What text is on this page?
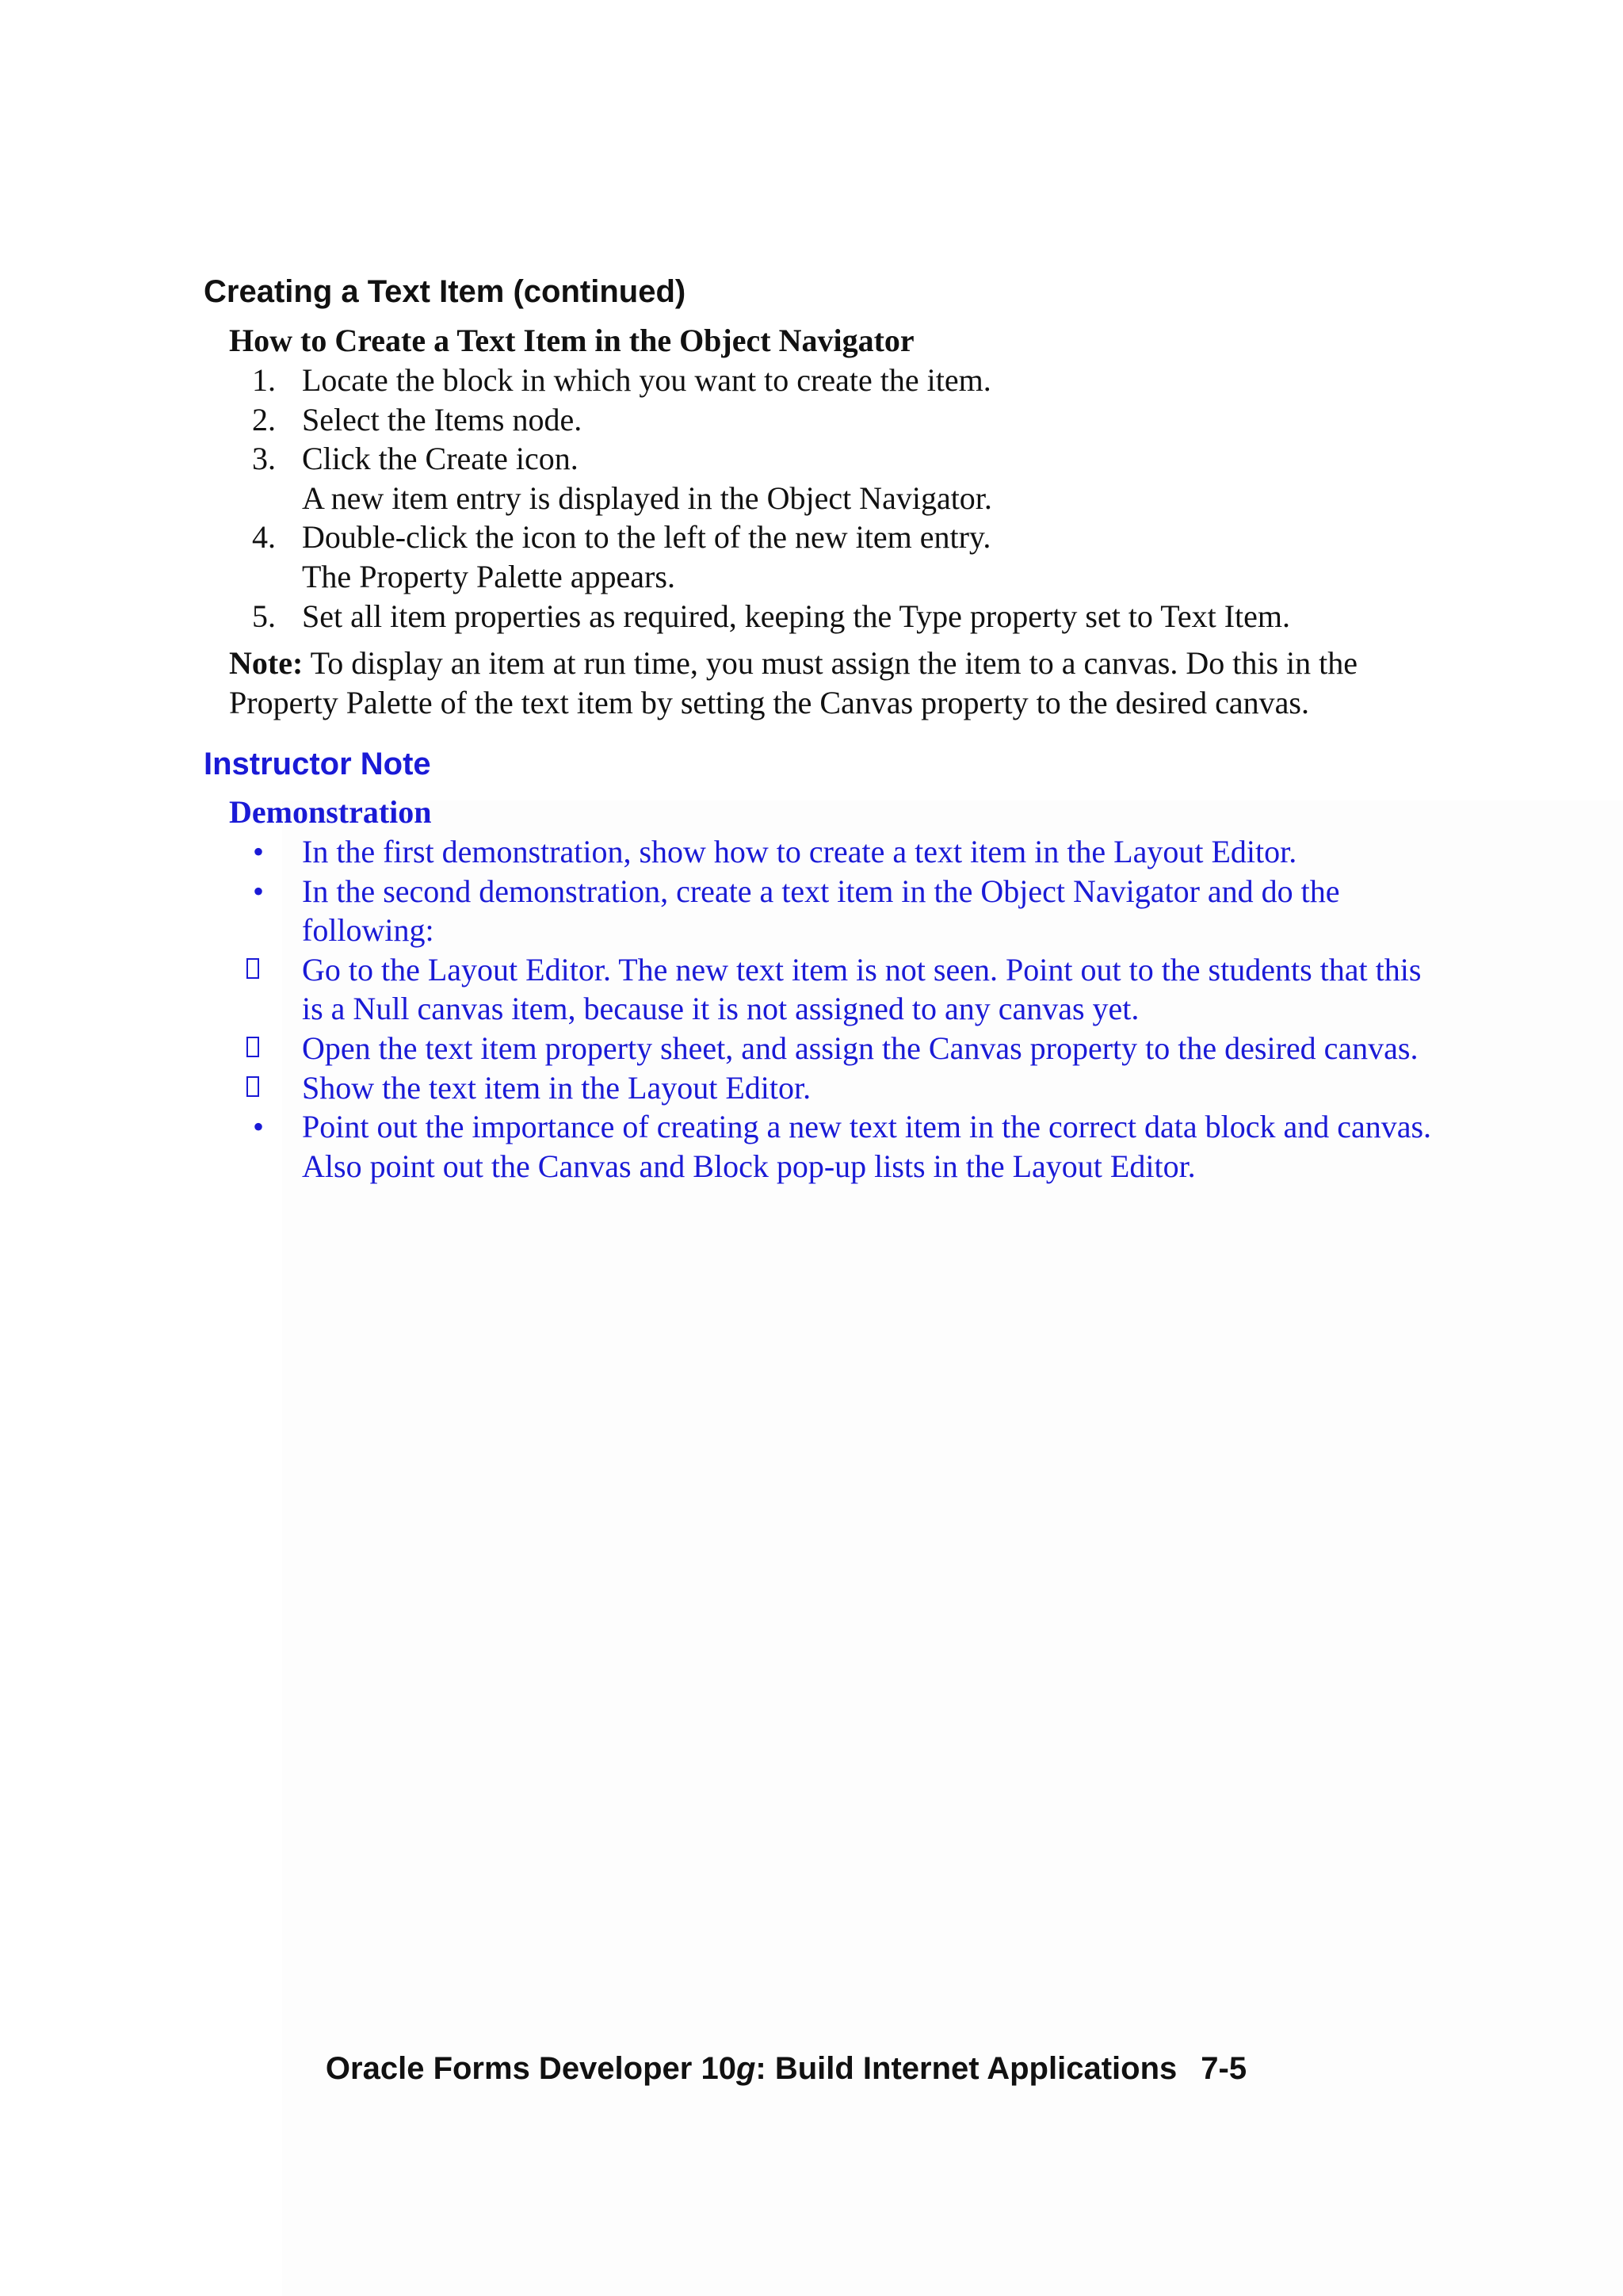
Creating a Text Item (continued)
How to Create a Text Item in the Object Navigator
1. Locate the block in which you want to create the item.
2. Select the Items node.
3. Click the Create icon.
A new item entry is displayed in the Object Navigator.
4. Double-click the icon to the left of the new item entry.
The Property Palette appears.
5. Set all item properties as required, keeping the Type property set to Text Item.

Note: To display an item at run time, you must assign the item to a canvas. Do this in the Property Palette of the text item by setting the Canvas property to the desired canvas.

Instructor Note
Demonstration
•	In the first demonstration, show how to create a text item in the Layout Editor.
•	In the second demonstration, create a text item in the Object Navigator and do the following:
Go to the Layout Editor. The new text item is not seen. Point out to the students that this is a Null canvas item, because it is not assigned to any canvas yet.
Open the text item property sheet, and assign the Canvas property to the desired canvas.
Show the text item in the Layout Editor.
•	Point out the importance of creating a new text item in the correct data block and canvas. Also point out the Canvas and Block pop-up lists in the Layout Editor.
Oracle Forms Developer 10g: Build Internet Applications 7-5
